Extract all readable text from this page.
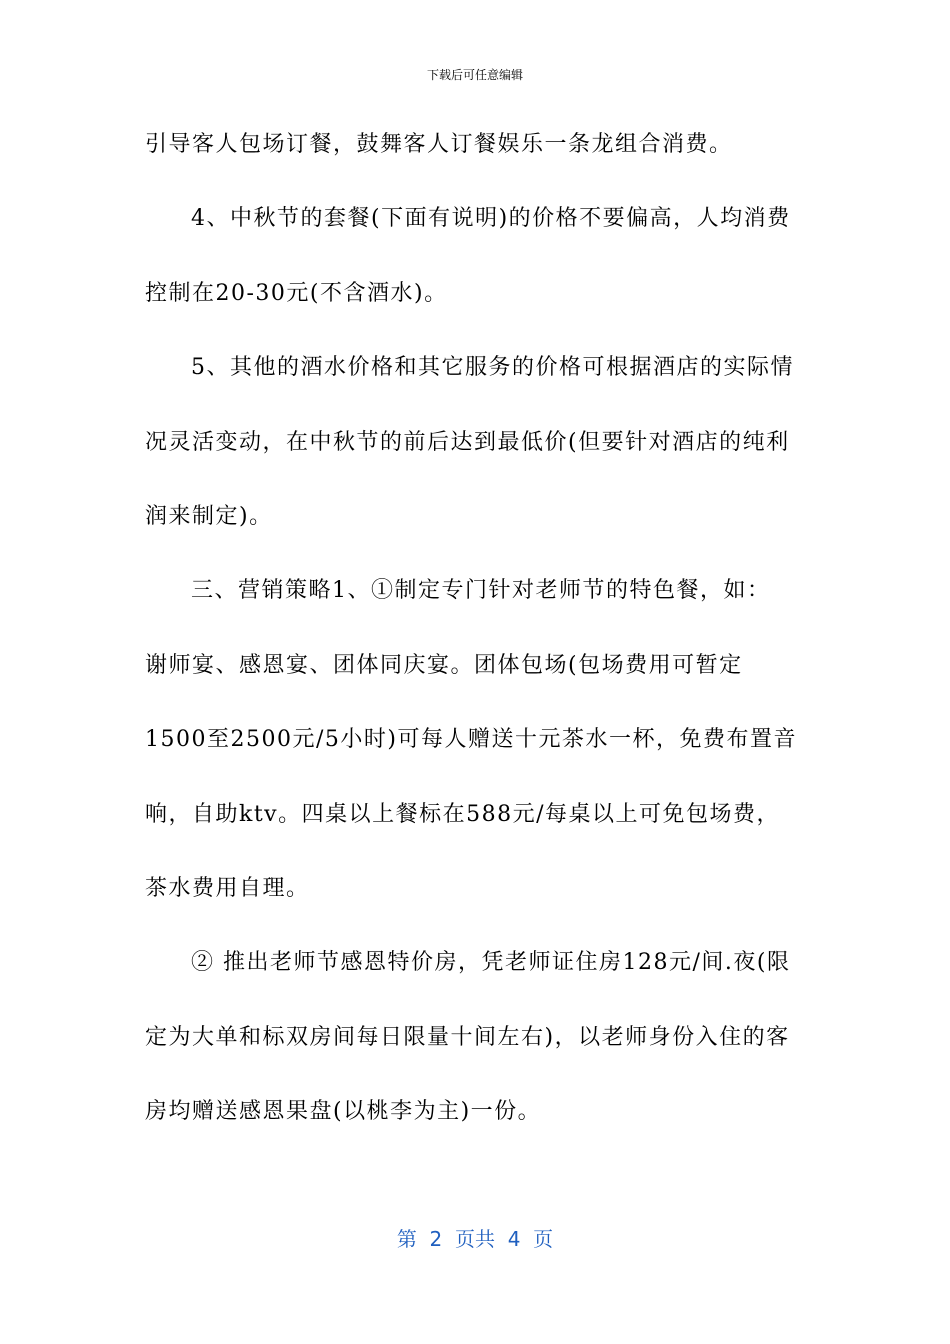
下载后可任意编辑
引导客人包场订餐，鼓舞客人订餐娱乐一条龙组合消费。
4、中秋节的套餐(下面有说明)的价格不要偏高，人均消费
控制在20-30元(不含酒水)。
5、其他的酒水价格和其它服务的价格可根据酒店的实际情
况灵活变动，在中秋节的前后达到最低价(但要针对酒店的纯利
润来制定)。
三、营销策略1、①制定专门针对老师节的特色餐，如：
谢师宴、感恩宴、团体同庆宴。团体包场(包场费用可暂定
1500至2500元/5小时)可每人赠送十元茶水一杯，免费布置音
响，自助ktv。四桌以上餐标在588元/每桌以上可免包场费，
茶水费用自理。
② 推出老师节感恩特价房，凭老师证住房128元/间.夜(限
定为大单和标双房间每日限量十间左右)，以老师身份入住的客
房均赠送感恩果盘(以桃李为主)一份。
第  2  页共  4  页
